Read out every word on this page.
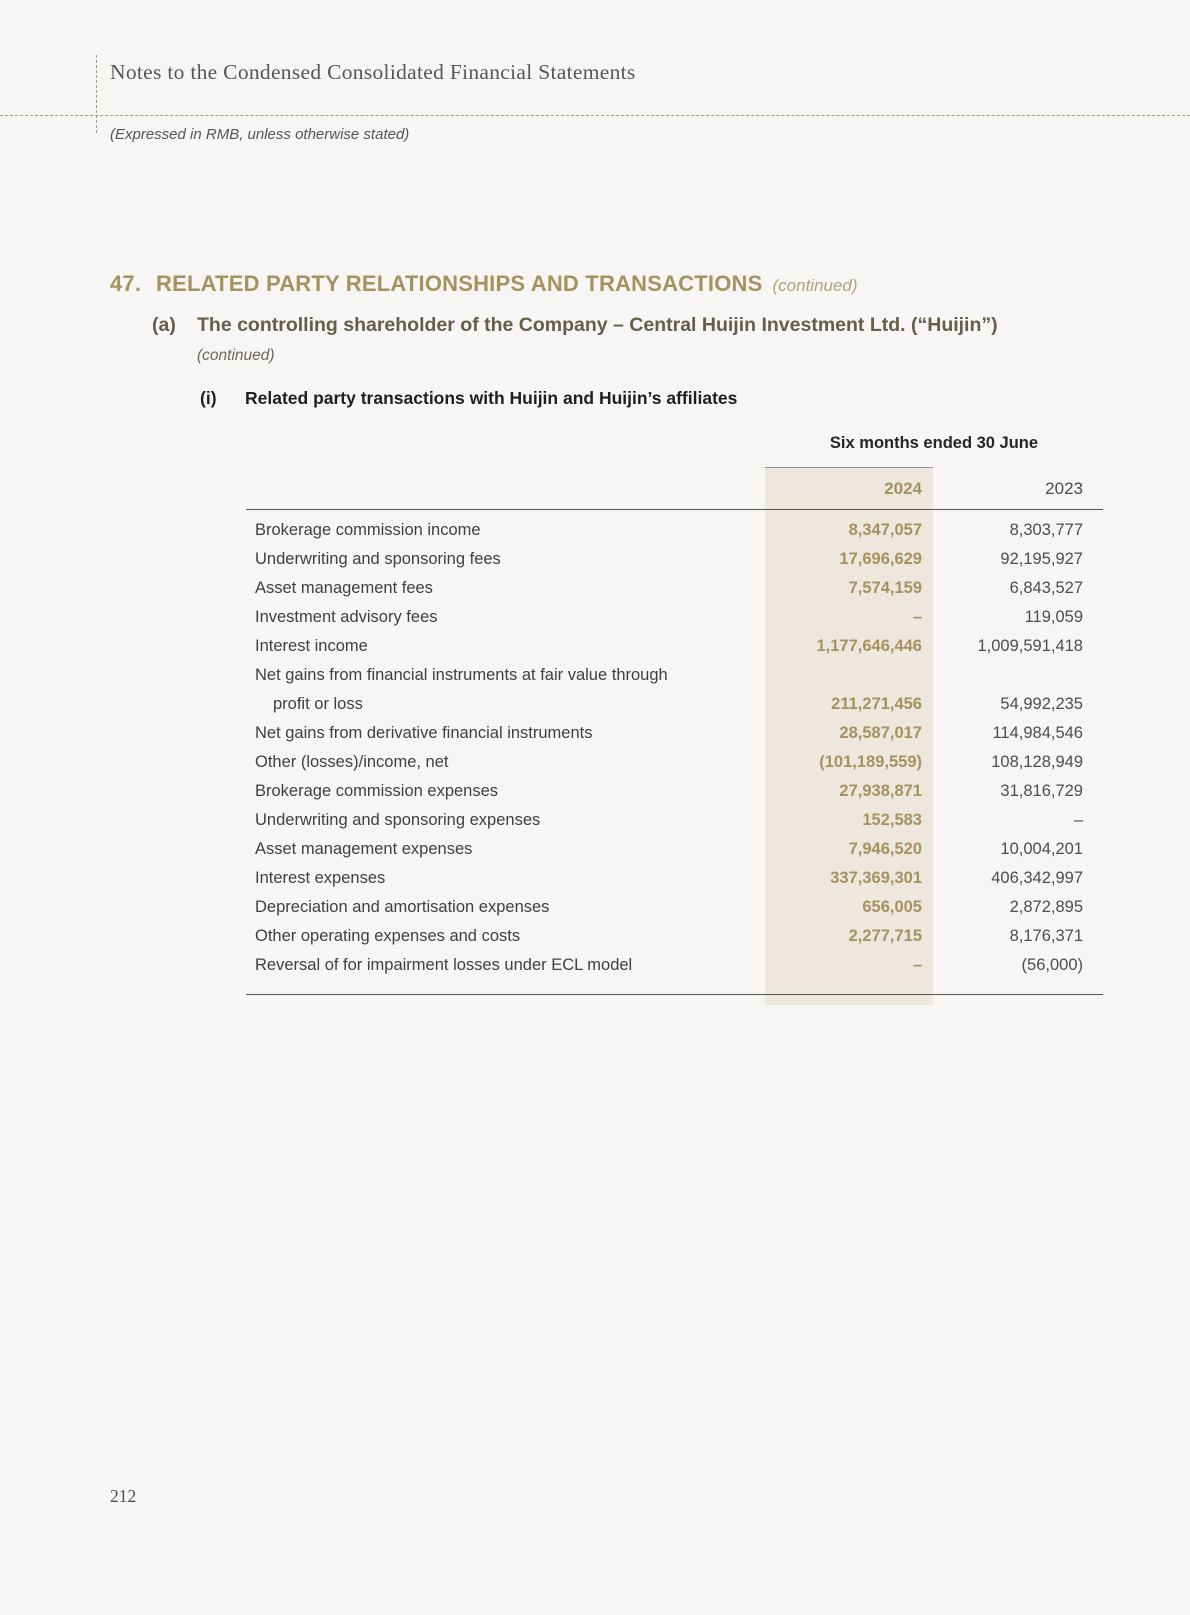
Notes to the Condensed Consolidated Financial Statements
(Expressed in RMB, unless otherwise stated)
47. RELATED PARTY RELATIONSHIPS AND TRANSACTIONS (continued)
(a)	The controlling shareholder of the Company – Central Huijin Investment Ltd. (“Huijin”)
(continued)
(i)	Related party transactions with Huijin and Huijin’s affiliates
Six months ended 30 June
2024	2023
Brokerage commission income	8,347,057	8,303,777
Underwriting and sponsoring fees	17,696,629	92,195,927
Asset management fees	7,574,159	6,843,527
Investment advisory fees	–	119,059
Interest income	1,177,646,446	1,009,591,418
Net gains from financial instruments at fair value through
profit or loss	211,271,456	54,992,235
Net gains from derivative financial instruments	28,587,017	114,984,546
Other (losses)/income, net	(101,189,559)	108,128,949
Brokerage commission expenses	27,938,871	31,816,729
Underwriting and sponsoring expenses	152,583	–
Asset management expenses	7,946,520	10,004,201
Interest expenses	337,369,301	406,342,997
Depreciation and amortisation expenses	656,005	2,872,895
Other operating expenses and costs	2,277,715	8,176,371
Reversal of for impairment losses under ECL model	–	(56,000)
212
